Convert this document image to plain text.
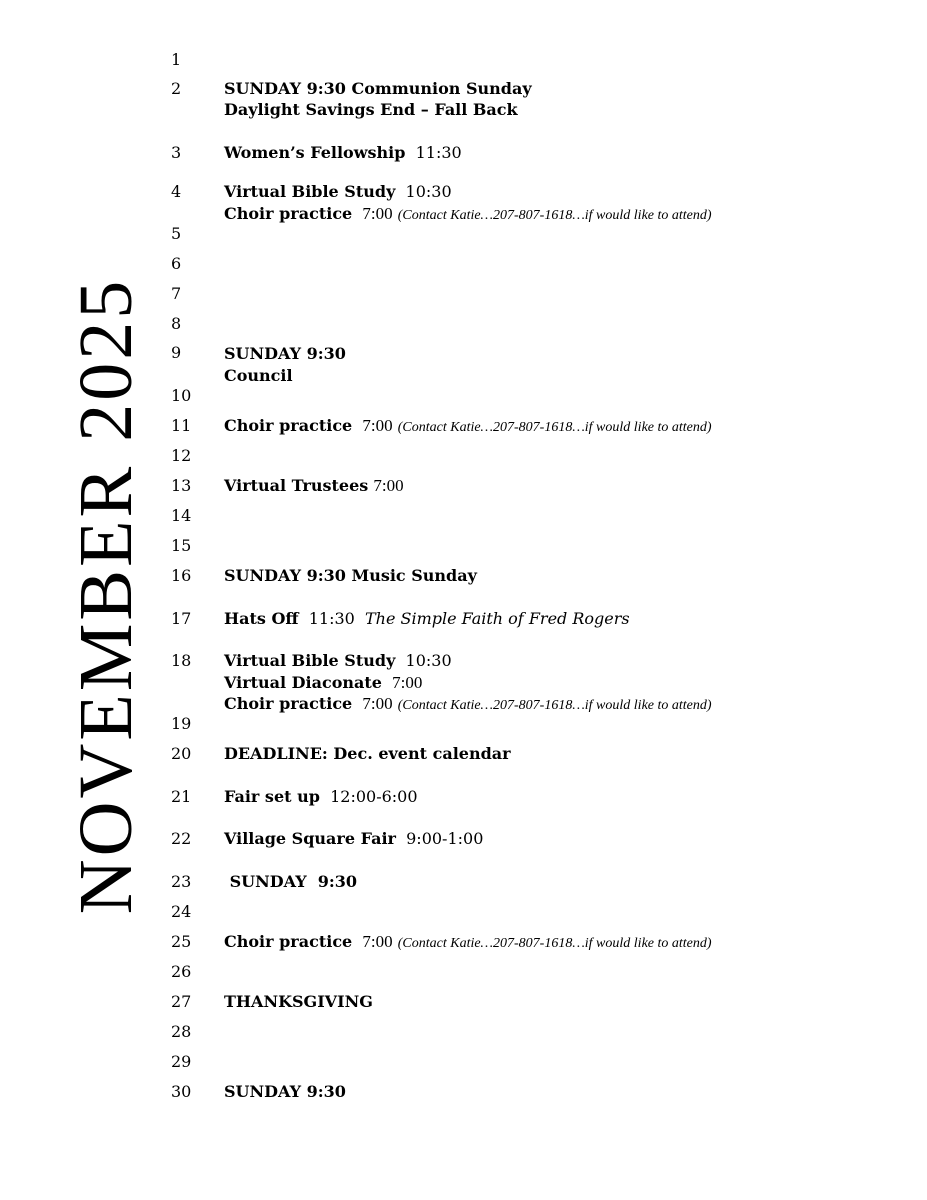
NOVEMBER 2025
1
2
3
4
5
6
7
8
9
10
11
12
13
14
15
16
17
18
19
20
21
22
23
24
25
26
27
28
29
30
SUNDAY 9:30 Communion Sunday
Daylight Savings End – Fall Back
Women’s Fellowship 11:30
Virtual Bible Study 10:30
Choir practice 7:00 (Contact Katie…207-807-1618…if would like to attend)
SUNDAY 9:30
Council
Choir practice 7:00 (Contact Katie…207-807-1618…if would like to attend)
Virtual Trustees 7:00
SUNDAY 9:30 Music Sunday
Hats Off 11:30 The Simple Faith of Fred Rogers
Virtual Bible Study 10:30
Virtual Diaconate 7:00
Choir practice 7:00 (Contact Katie…207-807-1618…if would like to attend)
DEADLINE: Dec. event calendar
Fair set up 12:00-6:00
Village Square Fair 9:00-1:00
SUNDAY  9:30
Choir practice 7:00 (Contact Katie…207-807-1618…if would like to attend)
THANKSGIVING
SUNDAY 9:30
